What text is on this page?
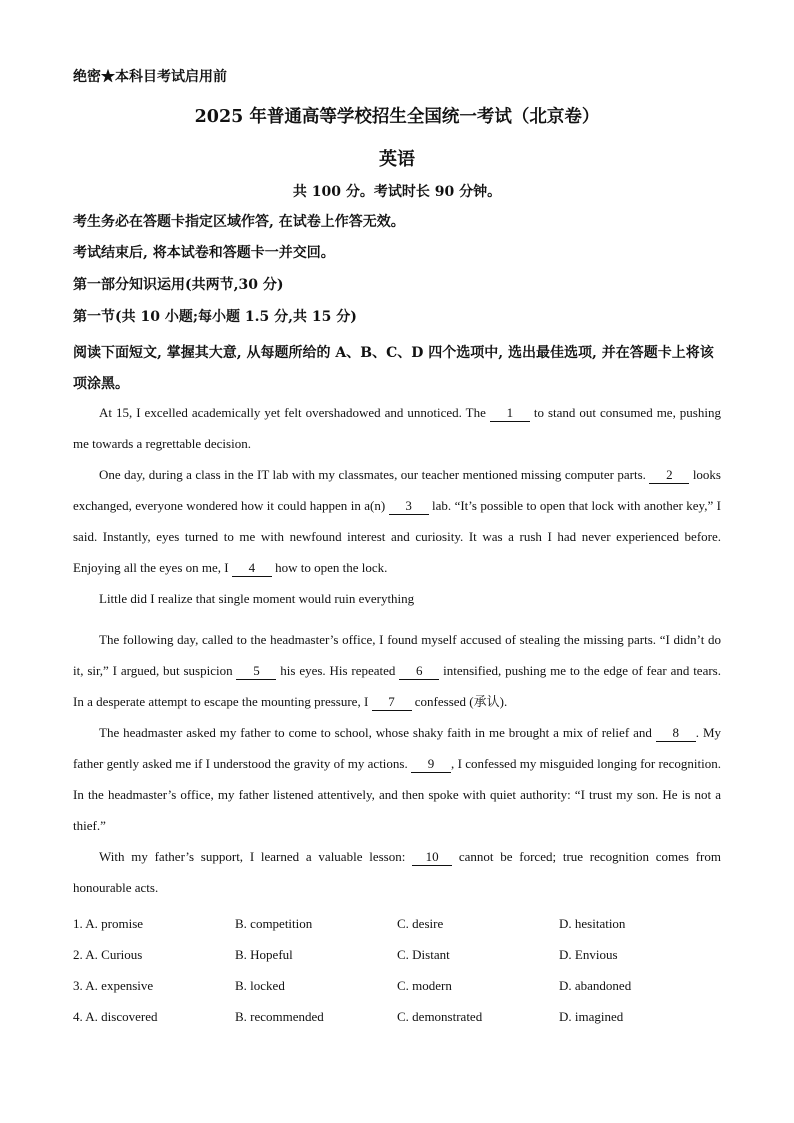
绝密★本科目考试启用前
2025 年普通高等学校招生全国统一考试（北京卷）
英语
共 100 分。考试时长 90 分钟。
考生务必在答题卡指定区域作答, 在试卷上作答无效。
考试结束后, 将本试卷和答题卡一并交回。
第一部分知识运用(共两节,30 分)
第一节(共 10 小题;每小题 1.5 分,共 15 分)
阅读下面短文, 掌握其大意, 从每题所给的 A、B、C、D 四个选项中, 选出最佳选项, 并在答题卡上将该项涂黑。

At 15, I excelled academically yet felt overshadowed and unnoticed. The 1 to stand out consumed me, pushing me towards a regrettable decision.

One day, during a class in the IT lab with my classmates, our teacher mentioned missing computer parts. 2 looks exchanged, everyone wondered how it could happen in a(n) 3 lab. “It’s possible to open that lock with another key,” I said. Instantly, eyes turned to me with newfound interest and curiosity. It was a rush I had never experienced before. Enjoying all the eyes on me, I 4 how to open the lock.

Little did I realize that single moment would ruin everything

The following day, called to the headmaster’s office, I found myself accused of stealing the missing parts. “I didn’t do it, sir,” I argued, but suspicion 5 his eyes. His repeated 6 intensified, pushing me to the edge of fear and tears. In a desperate attempt to escape the mounting pressure, I 7 confessed (承认).

The headmaster asked my father to come to school, whose shaky faith in me brought a mix of relief and 8 . My father gently asked me if I understood the gravity of my actions. 9 , I confessed my misguided longing for recognition. In the headmaster’s office, my father listened attentively, and then spoke with quiet authority: “I trust my son. He is not a thief.”

With my father’s support, I learned a valuable lesson: 10 cannot be forced; true recognition comes from honourable acts.

1. A. promise	B. competition	C. desire	D. hesitation
2. A. Curious	B. Hopeful	C. Distant	D. Envious
3. A. expensive	B. locked	C. modern	D. abandoned
4. A. discovered	B. recommended	C. demonstrated	D. imagined
